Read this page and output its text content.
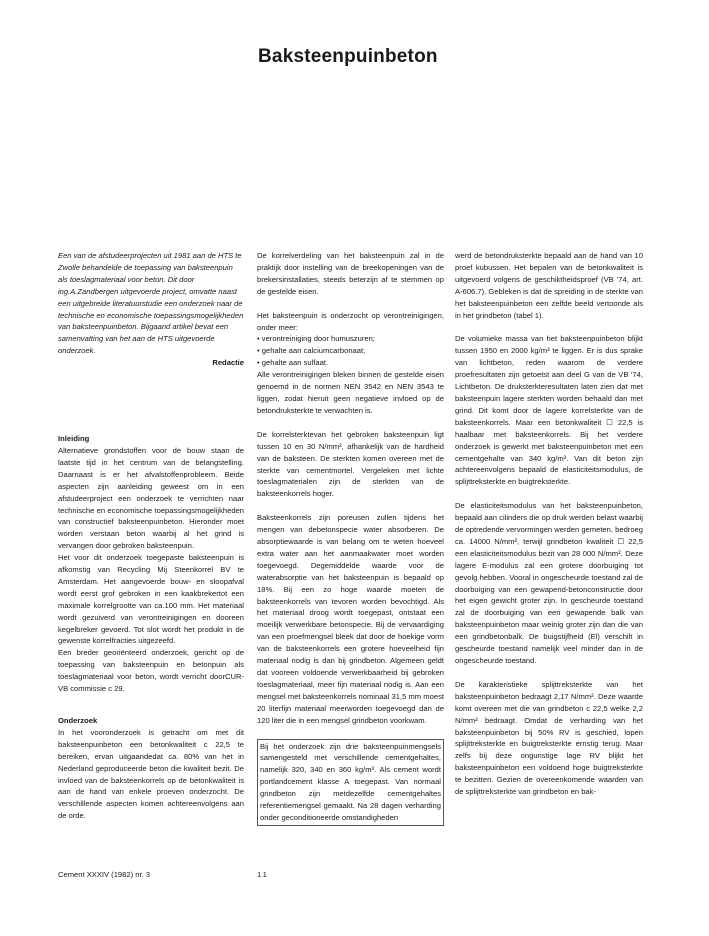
Baksteenpuinbeton

Een van de afstudeerprojecten uit 1981 aan de HTS te Zwolle behandelde de toepassing van baksteenpuin als toeslagmateriaal voor beton. Dit door ing.A.Zandbergen uitgevoerde project, omvatte naast een uitgebreide literatuurstudie een onderzoek naar de technische en economische toepassingsmogelijkheden van baksteenpuinbeton. Bijgaand artikel bevat een samenvatting van het aan de HTS uitgevoerde onderzoek.

Redactie

Inleiding

Alternatieve grondstoffen voor de bouw staan de laatste tijd in het centrum van de belangstelling. Daarnaast is er het afvalstoffenprobleem. Beide aspecten zijn aanleiding geweest om in een afstudeerproject een onderzoek te verrichten naar technische en economische toepassingsmogelijkheden van constructief baksteenpuinbeton. Hieronder moet worden verstaan beton waarbij al het grind is vervangen door gebroken baksteenpuin.

Het voor dit onderzoek toegepaste baksteenpuin is afkomstig van Recycling Mij Steenkorrel BV te Amsterdam. Het aangevoerde bouw- en sloopafval wordt eerst grof gebroken in een kaakbrekertot een maximale korrelgrootte van ca.100 mm. Het materiaal wordt gezuiverd van verontreinigingen en dooreen kegelbreker gevoerd. Tot slot wordt het produkt in de gewenste korrelfracties uitgezeefd.

Een breder georiënteerd onderzoek, gericht op de toepassing van baksteenpuin en betonpuin als toeslagmateriaal voor beton, wordt verricht doorCUR-VB commissie c 29.

Onderzoek

In het vooronderzoek is getracht om met dit baksteenpuinbeton een betonkwaliteit c 22,5 te bereiken, ervan uitgaandedat ca. 80% van het in Nederland geproduceerde beton die kwaliteit bezit. De invloed van de baksteenkorrels op de betonkwaliteit is aan de hand van enkele proeven onderzocht. De verschillende aspecten komen achtereenvolgens aan de orde.

De korrelverdeling van het baksteenpuin zal in de praktijk door instelling van de breekopeningen van de brekersinstallaties, steeds beterzijn af te stemmen op de gestelde eisen.

Het baksteenpuin is onderzocht op verontreinigingen, onder meer:

• verontreiniging door humuszuren;
• gehalte aan calciumcarbonaat;
• gehalte aan sulfaat.

Alle verontreinigingen bleken binnen de gestelde eisen genoemd in de normen NEN 3542 en NEN 3543 te liggen, zodat hieruit geen negatieve invloed op de betondruksterkte te verwachten is.

De korrelsterktevan het gebroken baksteenpuin ligt tussen 10 en 30 N/mm², afhankelijk van de hardheid van de baksteen. De sterkten komen overeen met de sterkte van cementmortel. Vergeleken met lichte toeslagmaterialen zijn de sterkten van de baksteenkorrels hoger.

Baksteenkorrels zijn poreusen zullen tijdens het mengen van debetonspecie water absorberen. De absorptiewaarde is van belang om te weten hoeveel extra water aan het aanmaakwater moet worden toegevoegd. Degemiddelde waarde voor de waterabsorptie van het baksteenpuin is bepaald op 18%. Bij een zo hoge waarde moeten de baksteenkorrels van tevoren worden bevochtigd. Als het materiaal droog wordt toegepast, ontstaat een moeilijk verwerkbare betonspecie. Bij de vervaardiging van een proefmengsel bleek dat door de hoekige vorm van de baksteenkorrels een grotere hoeveelheid fijn materiaal nodig is dan bij grindbeton. Algemeen geldt dat vooreen voldoende verwerkbaarheid bij gebroken toeslagmateriaal, meer fijn materiaal nodig is. Aan een mengsel met baksteenkorrels nominaal 31,5 mm moest 20 literfijn materiaal meerworden toegevoegd dan de 120 liter die in een mengsel grindbeton voorkwam.

Bij het onderzoek zijn drie baksteenpuinmengsels samengesteld met verschillende cementgehaltes, namelijk 320, 340 en 360 kg/m³. Als cement wordt portlandcement klasse A toegepast. Van normaal grindbeton zijn metdezelfde cementgehaltes referentiemengsel gemaakt. Na 28 dagen verharding onder geconditioneerde omstandigheden

werd de betondruksterkte bepaald aan de hand van 10 proef kubussen. Het bepalen van de betonkwaliteit is uitgevoerd volgens de geschiktheidsproef (VB '74, art. A-606.7). Gebleken is dat de spreiding in de sterkte van het baksteenpuinbeton een zelfde beeld vertoonde als in het grindbeton (tabel 1).

De volumieke massa van het baksteenpuinbeton blijkt tussen 1950 en 2000 kg/m³ te liggen. Er is dus sprake van lichtbeton, reden waarom de verdere proefresultaten zijn getoetst aan deel G van de VB '74, Lichtbeton. De druksterkteresultaten laten zien dat met baksteenpuin lagere sterkten worden behaald dan met grind. Dit komt door de lagere korrelsterkte van de baksteenkorrels. Maar een betonkwaliteit ☐ 22,5 is haalbaar met baksteenkorrels. Bij het verdere onderzoek is gewerkt met baksteenpuinbeton met een cementgehalte van 340 kg/m³. Van dit beton zijn achtereenvolgens bepaald de elasticiteitsmodulus, de splijttreksterkte en buigtreksterkte.

De elasticiteitsmodulus van het baksteenpuinbeton, bepaald aan cilinders die op druk werden belast waarbij de optredende vervormingen werden gemeten, bedroeg ca. 14000 N/mm², terwijl grindbeton kwaliteit ☐ 22,5 een elasticiteitsmodulus bezit van 28 000 N/mm². Deze lagere E-modulus zal een grotere doorbuiging tot gevolg hebben. Vooral in ongescheurde toestand zal de doorbuiging van een gewapend-betonconstructie door het eigen gewicht groter zijn. In gescheurde toestand zal de doorbuiging van een gewapende balk van baksteenpuinbeton maar weinig groter zijn dan die van een grindbetonbalk. De buigstijfheid (El) verschilt in gescheurde toestand namelijk veel minder dan in de ongescheurde toestand.

De karakteristieke splijttreksterkte van het baksteenpuinbeton bedraagt 2,17 N/mm². Deze waarde komt overeen met die van grindbeton c 22,5 welke 2,2 N/mm² bedraagt. Omdat de verharding van het baksteenpuinbeton bij 50% RV is geschied, lopen splijttreksterkte en buigtreksterkte ernstig terug. Maar zelfs bij deze ongunstige lage RV blijkt het baksteenpuinbeton een voldoend hoge buigtreksterkte te bezitten. Gezien de overeenkomende waarden van de splijttreksterkte van grindbeton en bak-

Cement XXXIV (1982) nr. 3	11
